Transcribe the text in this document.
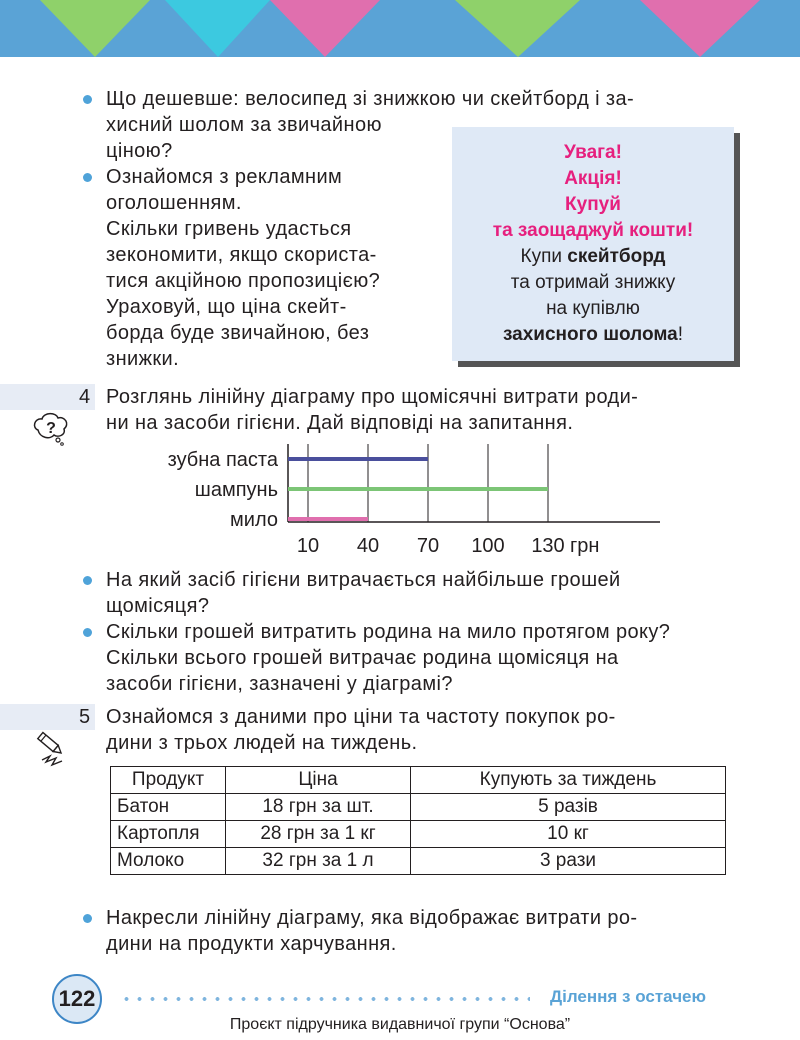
Що дешевше: велосипед зі знижкою чи скейтборд і за-
хисний шолом за звичайною
ціною?
Ознайомся з рекламним
оголошенням.
Скільки гривень удасться
зекономити, якщо скориста-
тися акційною пропозицією?
Ураховуй, що ціна скейт-
борда буде звичайною, без
знижки.
Увага!
Акція!
Купуй
та заощаджуй кошти!
Купи скейтборд
та отримай знижку
на купівлю
захисного шолома!
4 Розглянь лінійну діаграму про щомісячні витрати роди-
ни на засоби гігієни. Дай відповіді на запитання.
?
зубна паста
шампунь
мило
10 40 70 100 130 грн
На який засіб гігієни витрачається найбільше грошей
щомісяця?
Скільки грошей витратить родина на мило протягом року?
Скільки всього грошей витрачає родина щомісяця на
засоби гігієни, зазначені у діаграмі?
5 Ознайомся з даними про ціни та частоту покупок ро-
дини з трьох людей на тиждень.
Продукт	Ціна	Купують за тиждень
Батон	18 грн за шт.	5 разів
Картопля	28 грн за 1 кг	10 кг
Молоко	32 грн за 1 л	3 рази
Накресли лінійну діаграму, яка відображає витрати ро-
дини на продукти харчування.
122	Ділення з остачею
Проєкт підручника видавничої групи “Основа”
